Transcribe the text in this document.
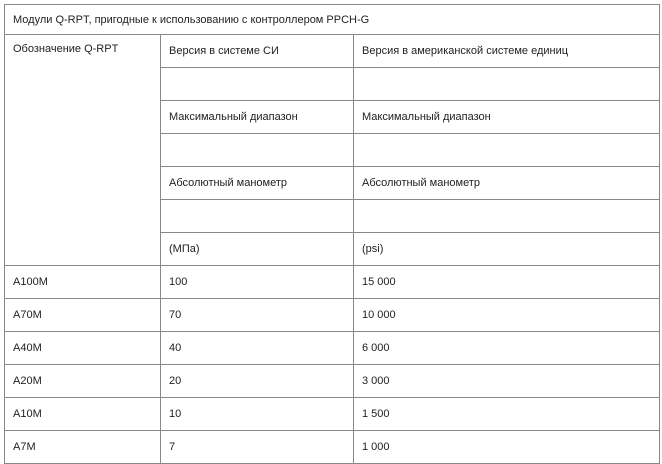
Модули Q-RPT, пригодные к использованию с контроллером PPCH-G		
Обозначение Q-RPT	Версия в системе СИ	Версия в американской системе единиц

	Максимальный диапазон	Максимальный диапазон

	Абсолютный манометр	Абсолютный манометр

	(МПа)	(psi)
A100M	100	15 000
A70M	70	10 000
A40M	40	6 000
A20M	20	3 000
A10M	10	1 500
A7M	7	1 000
